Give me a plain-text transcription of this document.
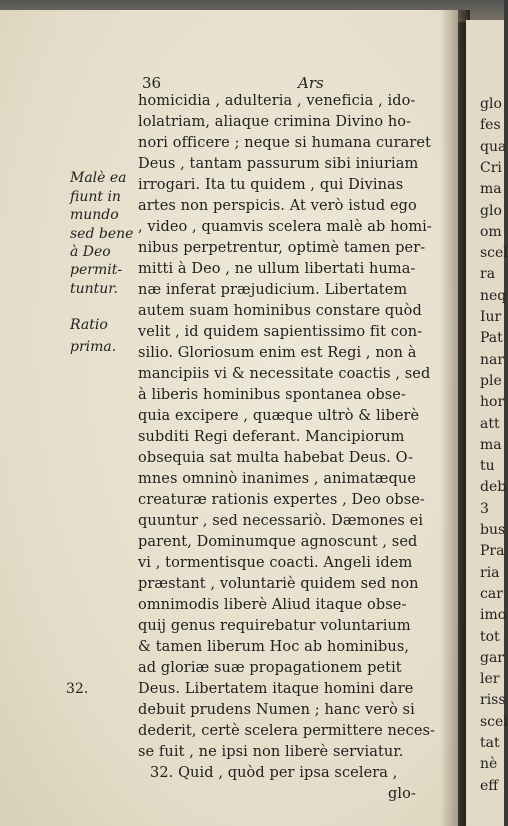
glo
fes
qua
Cri
ma
glo
om
scel
ra
neq
Iur
Pat
nar
ple
hor
att
ma
tu
deb
3
bus
Pra
ria
car
imo
tot
gar
ler
riss
scel
tat
nè
eff
36	Ars
homicidia , adulteria , veneficia , ido-
lolatriam, aliaque crimina Divino ho-
nori officere ; neque si humana curaret
Deus , tantam passurum sibi iniuriam
irrogari. Ita tu quidem , qui Divinas
artes non perspicis. At verò istud ego
, video , quamvis scelera malè ab homi-
nibus perpetrentur, optimè tamen per-
mitti à Deo , ne ullum libertati huma-
næ inferat præjudicium. Libertatem
autem suam hominibus constare quòd
velit , id quidem sapientissimo fit con-
silio. Gloriosum enim est Regi , non à
mancipiis vi & necessitate coactis , sed
à liberis hominibus spontanea obse-
quia excipere , quæque ultrò & liberè
subditi Regi deferant. Mancipiorum
obsequia sat multa habebat Deus. O-
mnes omninò inanimes , animatæque
creaturæ rationis expertes , Deo obse-
quuntur , sed necessariò. Dæmones ei
parent, Dominumque agnoscunt , sed
vi , tormentisque coacti. Angeli idem
præstant , voluntariè quidem sed non
omnimodis liberè Aliud itaque obse-
quij genus requirebatur voluntarium
& tamen liberum Hoc ab hominibus,
ad gloriæ suæ propagationem petit
Deus. Libertatem itaque homini dare
debuit prudens Numen ; hanc verò si
dederit, certè scelera permittere neces-
se fuit , ne ipsi non liberè serviatur.
32. Quid , quòd per ipsa scelera ,
glo-
Malè ea
fiunt in
mundo
sed bene
à Deo
permit-
tuntur.
Ratio
prima.
32.
